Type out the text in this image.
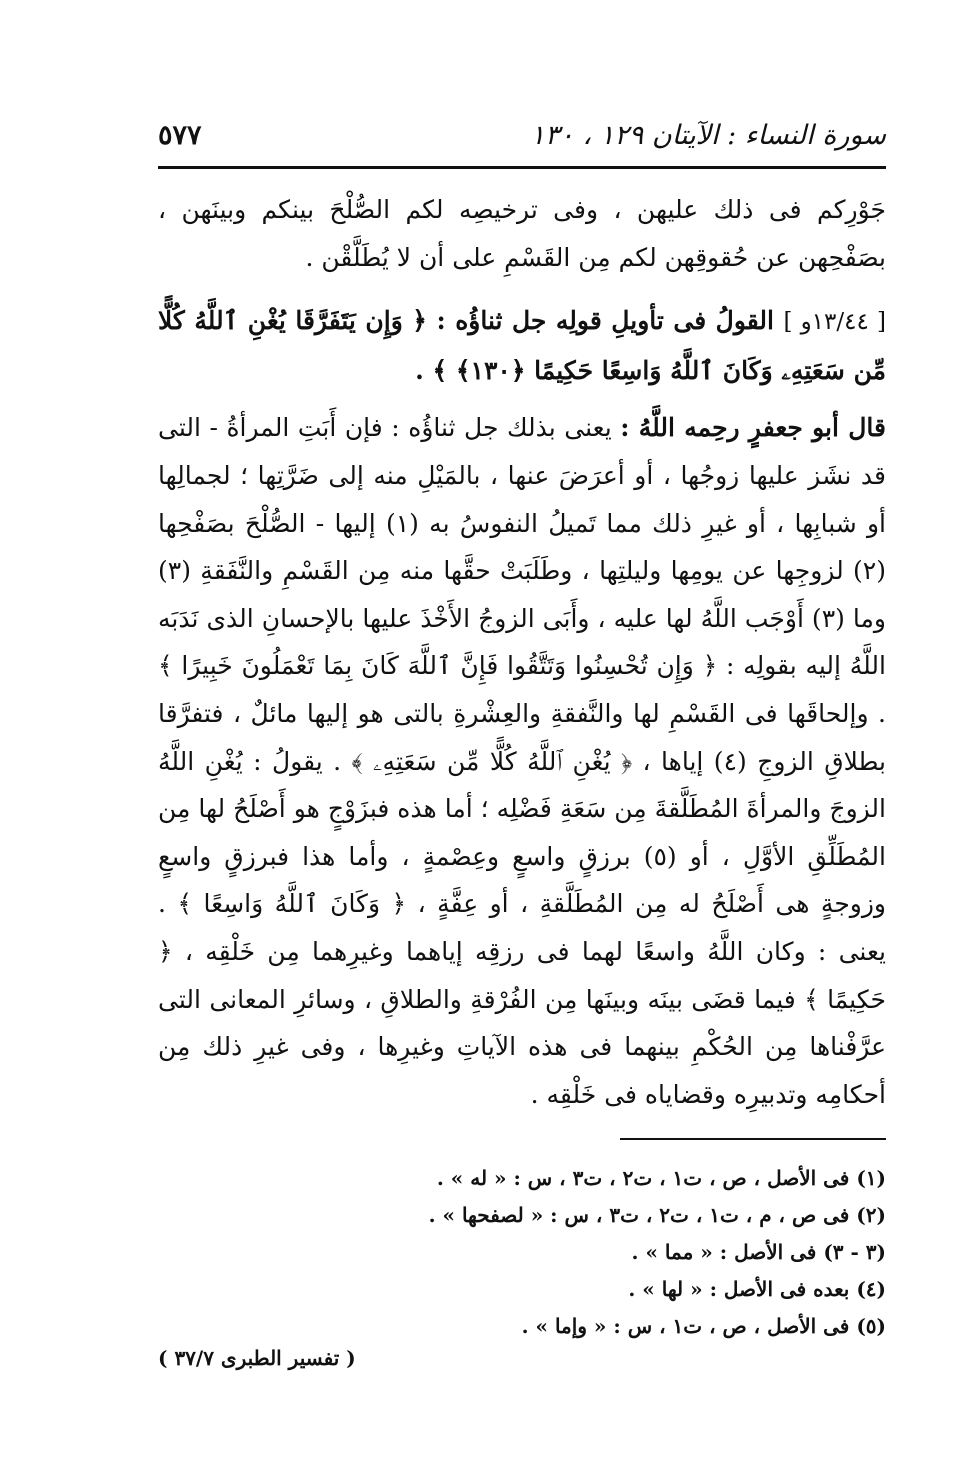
سورة النساء : الآيتان ١٢٩ ، ١٣٠
٥٧٧

جَوْرِكم فى ذلك عليهن ، وفى ترخيصِه لكم الصُّلْحَ بينكم وبينَهن ، بصَفْحِهن عن حُقوقِهن لكم مِن القَسْمِ على أن لا يُطَلَّقْن .

[ ١٣/٤٤و ] القولُ فى تأويلِ قولِه جل ثناؤُه : ﴿ وَإِن يَتَفَرَّقَا يُغْنِ ٱللَّهُ كُلًّا مِّن سَعَتِهِۦ وَكَانَ ٱللَّهُ وَاسِعًا حَكِيمًا ﴿١٣٠﴾ ﴾ .

قال أبو جعفرٍ رحِمه اللَّهُ : يعنى بذلك جل ثناؤُه : فإن أَبَتِ المرأةُ - التى قد نشَز عليها زوجُها ، أو أعرَضَ عنها ، بالمَيْلِ منه إلى ضَرَّتِها ؛ لجمالِها أو شبابِها ، أو غيرِ ذلك مما تَميلُ النفوسُ به (١) إليها - الصُّلْحَ بصَفْحِها (٢) لزوجِها عن يومِها وليلتِها ، وطَلَبَتْ حقَّها منه مِن القَسْمِ والنَّفَقةِ (٣) وما (٣) أَوْجَب اللَّهُ لها عليه ، وأَبَى الزوجُ الأَخْذَ عليها بالإحسانِ الذى نَدَبَه اللَّهُ إليه بقولِه : ﴿ وَإِن تُحْسِنُوا وَتَتَّقُوا فَإِنَّ ٱللَّهَ كَانَ بِمَا تَعْمَلُونَ خَبِيرًا ﴾ . وإلحاقَها فى القَسْمِ لها والنَّفقةِ والعِشْرةِ بالتى هو إليها مائلٌ ، فتفرَّقا بطلاقِ الزوجِ (٤) إياها ، ﴿ يُغْنِ ٱللَّهُ كُلًّا مِّن سَعَتِهِۦ ﴾ . يقولُ : يُغْنِ اللَّهُ الزوجَ والمرأةَ المُطَلَّقةَ مِن سَعَةِ فَضْلِه ؛ أما هذه فبزَوْجٍ هو أَصْلَحُ لها مِن المُطَلِّقِ الأوَّلِ ، أو (٥) برزقٍ واسعٍ وعِصْمةٍ ، وأما هذا فبرزقٍ واسعٍ وزوجةٍ هى أَصْلَحُ له مِن المُطَلَّقةِ ، أو عِفَّةٍ ، ﴿ وَكَانَ ٱللَّهُ وَاسِعًا ﴾ . يعنى : وكان اللَّهُ واسعًا لهما فى رزقِه إياهما وغيرِهما مِن خَلْقِه ، ﴿ حَكِيمًا ﴾ فيما قضَى بينَه وبينَها مِن الفُرْقةِ والطلاقِ ، وسائرِ المعانى التى عرَّفْناها مِن الحُكْمِ بينهما فى هذه الآياتِ وغيرِها ، وفى غيرِ ذلك مِن أحكامِه وتدبيرِه وقضاياه فى خَلْقِه .

(١) فى الأصل ، ص ، ت١ ، ت٢ ، ت٣ ، س : « له » .
(٢) فى ص ، م ، ت١ ، ت٢ ، ت٣ ، س : « لصفحها » .
(٣ - ٣) فى الأصل : « مما » .
(٤) بعده فى الأصل : « لها » .
(٥) فى الأصل ، ص ، ت١ ، س : « وإما » .
( تفسير الطبرى ٣٧/٧ )
